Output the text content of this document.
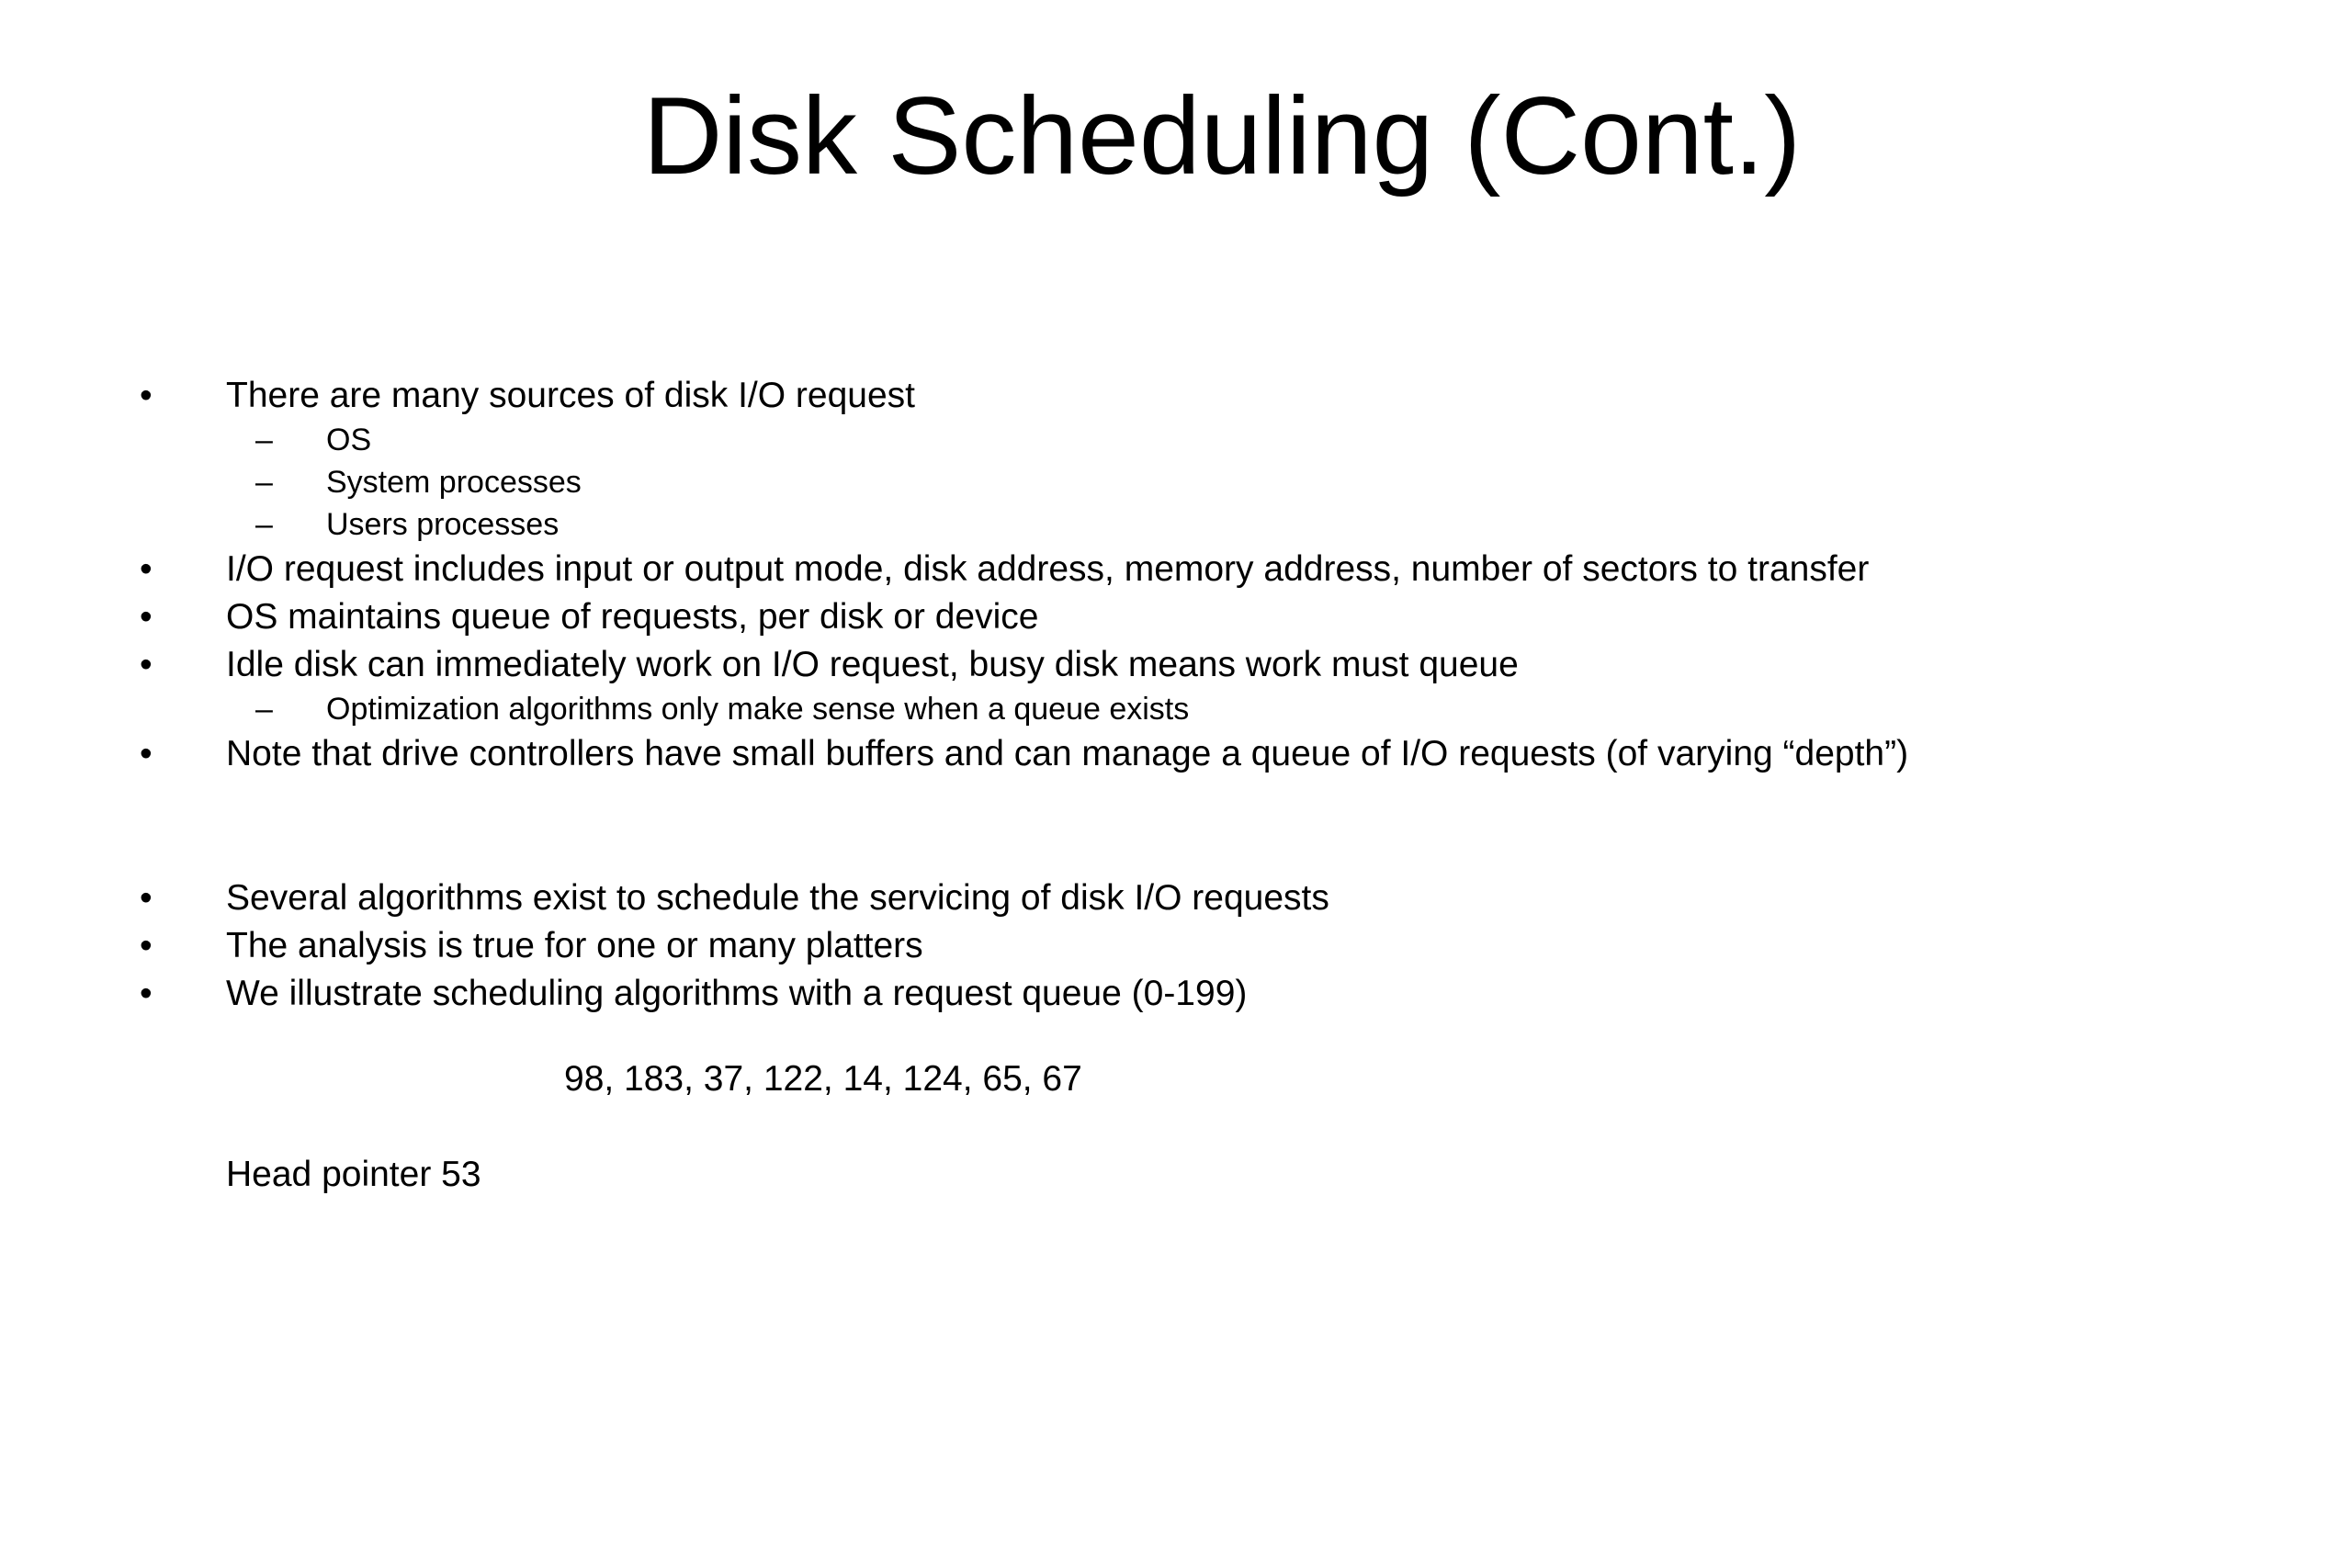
Disk Scheduling (Cont.)
• There are many sources of disk I/O request
– OS
– System processes
– Users processes
• I/O request includes input or output mode, disk address, memory address, number of sectors to transfer
• OS maintains queue of requests, per disk or device
• Idle disk can immediately work on I/O request, busy disk means work must queue
– Optimization algorithms only make sense when a queue exists
• Note that drive controllers have small buffers and can manage a queue of I/O requests (of varying “depth”)
• Several algorithms exist to schedule the servicing of disk I/O requests
• The analysis is true for one or many platters
• We illustrate scheduling algorithms with a request queue (0-199)
98, 183, 37, 122, 14, 124, 65, 67
Head pointer 53
